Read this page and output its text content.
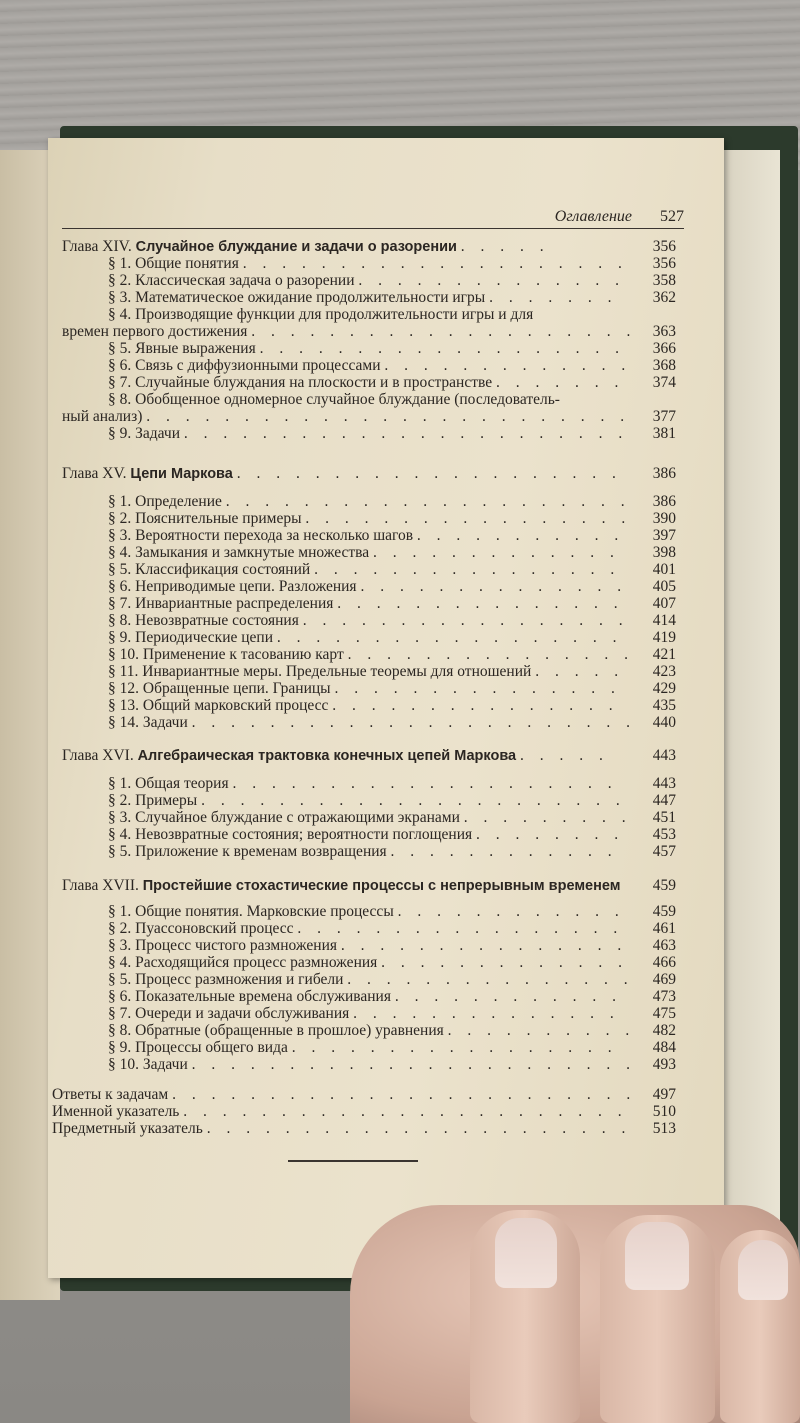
Оглавление 527
Глава XIV. Случайное блуждание и задачи о разорении . . . . .	356
§ 1. Общие понятия . . . . . . . . . . . . . . . . . . . . 356
§ 2. Классическая задача о разорении . . . . . . . . . . . . . . 358
§ 3. Математическое ожидание продолжительности игры . . . . . . . 362
§ 4. Производящие функции для продолжительности игры и для
времен первого достижения . . . . . . . . . . . . . . . . . . . . 363
§ 5. Явные выражения . . . . . . . . . . . . . . . . . . . 366
§ 6. Связь с диффузионными процессами . . . . . . . . . . . . . 368
§ 7. Случайные блуждания на плоскости и в пространстве . . . . . . . 374
§ 8. Обобщенное одномерное случайное блуждание (последователь-
ный анализ) . . . . . . . . . . . . . . . . . . . . . . . . . 377
§ 9. Задачи . . . . . . . . . . . . . . . . . . . . . . . 381
Глава XV. Цепи Маркова . . . . . . . . . . . . . . . . . . . . 386
§ 1. Определение . . . . . . . . . . . . . . . . . . . . . 386
§ 2. Пояснительные примеры . . . . . . . . . . . . . . . . . 390
§ 3. Вероятности перехода за несколько шагов . . . . . . . . . . . 397
§ 4. Замыкания и замкнутые множества . . . . . . . . . . . . . 398
§ 5. Классификация состояний . . . . . . . . . . . . . . . . 401
§ 6. Неприводимые цепи. Разложения . . . . . . . . . . . . . . 405
§ 7. Инвариантные распределения . . . . . . . . . . . . . . . 407
§ 8. Невозвратные состояния . . . . . . . . . . . . . . . . . 414
§ 9. Периодические цепи . . . . . . . . . . . . . . . . . . 419
§ 10. Применение к тасованию карт . . . . . . . . . . . . . . . 421
§ 11. Инвариантные меры. Предельные теоремы для отношений . . . . . 423
§ 12. Обращенные цепи. Границы . . . . . . . . . . . . . . . 429
§ 13. Общий марковский процесс . . . . . . . . . . . . . . . 435
§ 14. Задачи . . . . . . . . . . . . . . . . . . . . . . . 440
Глава XVI. Алгебраическая трактовка конечных цепей Маркова . . . . .	443
§ 1. Общая теория . . . . . . . . . . . . . . . . . . . . 443
§ 2. Примеры . . . . . . . . . . . . . . . . . . . . . . 447
§ 3. Случайное блуждание с отражающими экранами . . . . . . . . . 451
§ 4. Невозвратные состояния; вероятности поглощения . . . . . . . . 453
§ 5. Приложение к временам возвращения . . . . . . . . . . . . 457
Глава XVII. Простейшие стохастические процессы с непрерывным временем 459
§ 1. Общие понятия. Марковские процессы . . . . . . . . . . . . 459
§ 2. Пуассоновский процесс . . . . . . . . . . . . . . . . . 461
§ 3. Процесс чистого размножения . . . . . . . . . . . . . . . 463
§ 4. Расходящийся процесс размножения . . . . . . . . . . . . . 466
§ 5. Процесс размножения и гибели . . . . . . . . . . . . . . . 469
§ 6. Показательные времена обслуживания . . . . . . . . . . . . 473
§ 7. Очереди и задачи обслуживания . . . . . . . . . . . . . . 475
§ 8. Обратные (обращенные в прошлое) уравнения . . . . . . . . . . 482
§ 9. Процессы общего вида . . . . . . . . . . . . . . . . . 484
§ 10. Задачи . . . . . . . . . . . . . . . . . . . . . . . 493
Ответы к задачам . . . . . . . . . . . . . . . . . . . . . . . . 497
Именной указатель . . . . . . . . . . . . . . . . . . . . . . . 510
Предметный указатель . . . . . . . . . . . . . . . . . . . . . . 513
